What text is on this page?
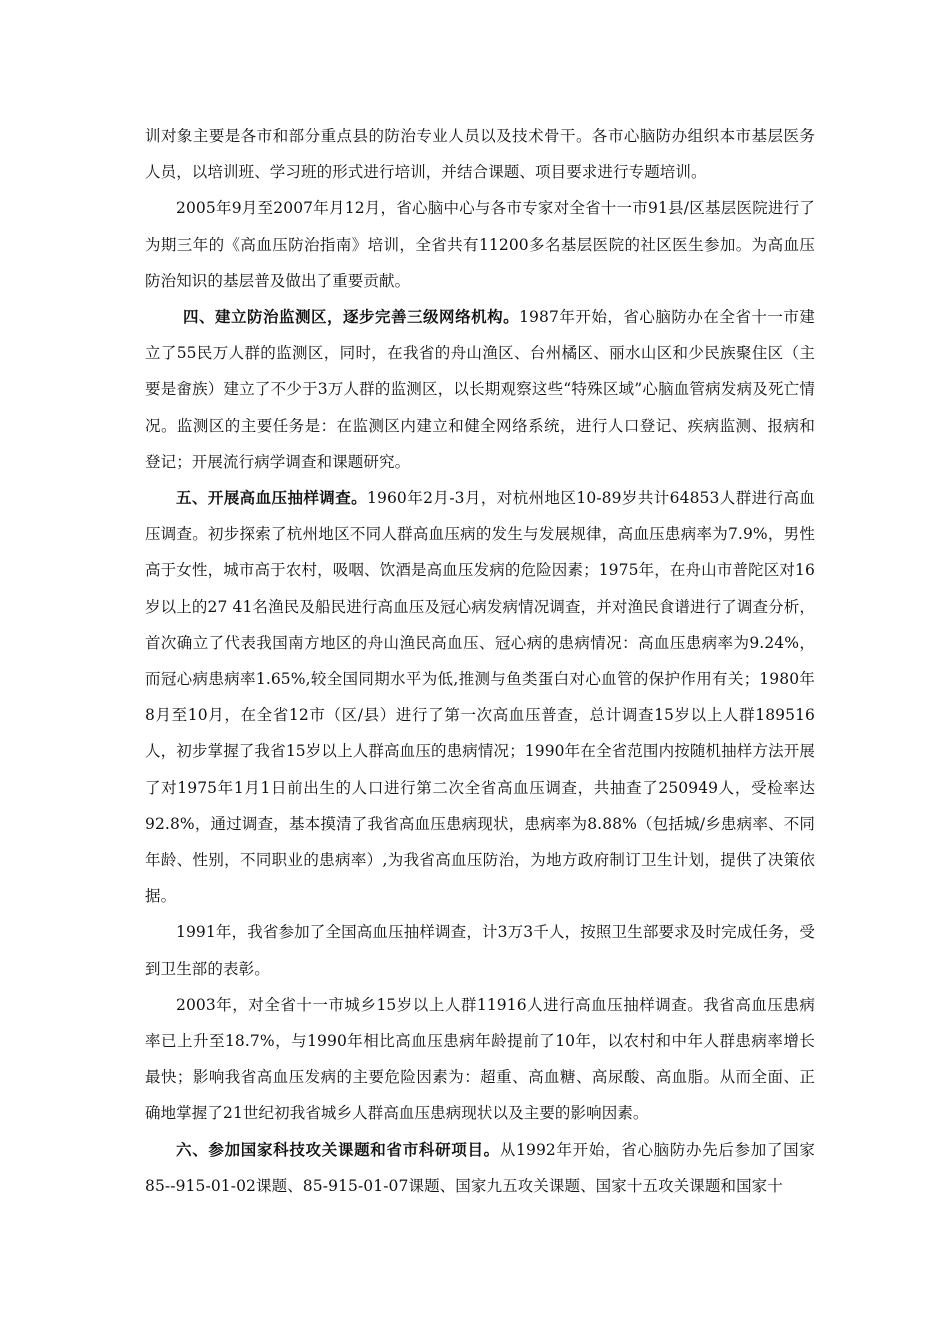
训对象主要是各市和部分重点县的防治专业人员以及技术骨干。各市心脑防办组织本市基层医务人员，以培训班、学习班的形式进行培训，并结合课题、项目要求进行专题培训。

2005年9月至2007年月12月，省心脑中心与各市专家对全省十一市91县/区基层医院进行了为期三年的《高血压防治指南》培训，全省共有11200多名基层医院的社区医生参加。为高血压防治知识的基层普及做出了重要贡献。

四、建立防治监测区，逐步完善三级网络机构。1987年开始，省心脑防办在全省十一市建立了55民万人群的监测区，同时，在我省的舟山渔区、台州橘区、丽水山区和少民族聚住区（主要是畲族）建立了不少于3万人群的监测区，以长期观察这些“特殊区域”心脑血管病发病及死亡情况。监测区的主要任务是：在监测区内建立和健全网络系统，进行人口登记、疾病监测、报病和登记；开展流行病学调查和课题研究。

五、开展高血压抽样调查。1960年2月-3月，对杭州地区10-89岁共计64853人群进行高血压调查。初步探索了杭州地区不同人群高血压病的发生与发展规律，高血压患病率为7.9%，男性高于女性，城市高于农村，吸咽、饮酒是高血压发病的危险因素；1975年，在舟山市普陀区对16岁以上的27 41名渔民及船民进行高血压及冠心病发病情况调查，并对渔民食谱进行了调查分析，首次确立了代表我国南方地区的舟山渔民高血压、冠心病的患病情况：高血压患病率为9.24%，而冠心病患病率1.65%,较全国同期水平为低,推测与鱼类蛋白对心血管的保护作用有关；1980年8月至10月，在全省12市（区/县）进行了第一次高血压普查，总计调查15岁以上人群189516人，初步掌握了我省15岁以上人群高血压的患病情况；1990年在全省范围内按随机抽样方法开展了对1975年1月1日前出生的人口进行第二次全省高血压调查，共抽查了250949人，受检率达92.8%，通过调查，基本摸清了我省高血压患病现状，患病率为8.88%（包括城/乡患病率、不同年龄、性别，不同职业的患病率）,为我省高血压防治，为地方政府制订卫生计划，提供了决策依据。

1991年，我省参加了全国高血压抽样调查，计3万3千人，按照卫生部要求及时完成任务，受到卫生部的表彰。

2003年，对全省十一市城乡15岁以上人群11916人进行高血压抽样调查。我省高血压患病率已上升至18.7%，与1990年相比高血压患病年龄提前了10年，以农村和中年人群患病率增长最快；影响我省高血压发病的主要危险因素为：超重、高血糖、高尿酸、高血脂。从而全面、正确地掌握了21世纪初我省城乡人群高血压患病现状以及主要的影响因素。

六、参加国家科技攻关课题和省市科研项目。从1992年开始，省心脑防办先后参加了国家85--915-01-02课题、85-915-01-07课题、国家九五攻关课题、国家十五攻关课题和国家十
